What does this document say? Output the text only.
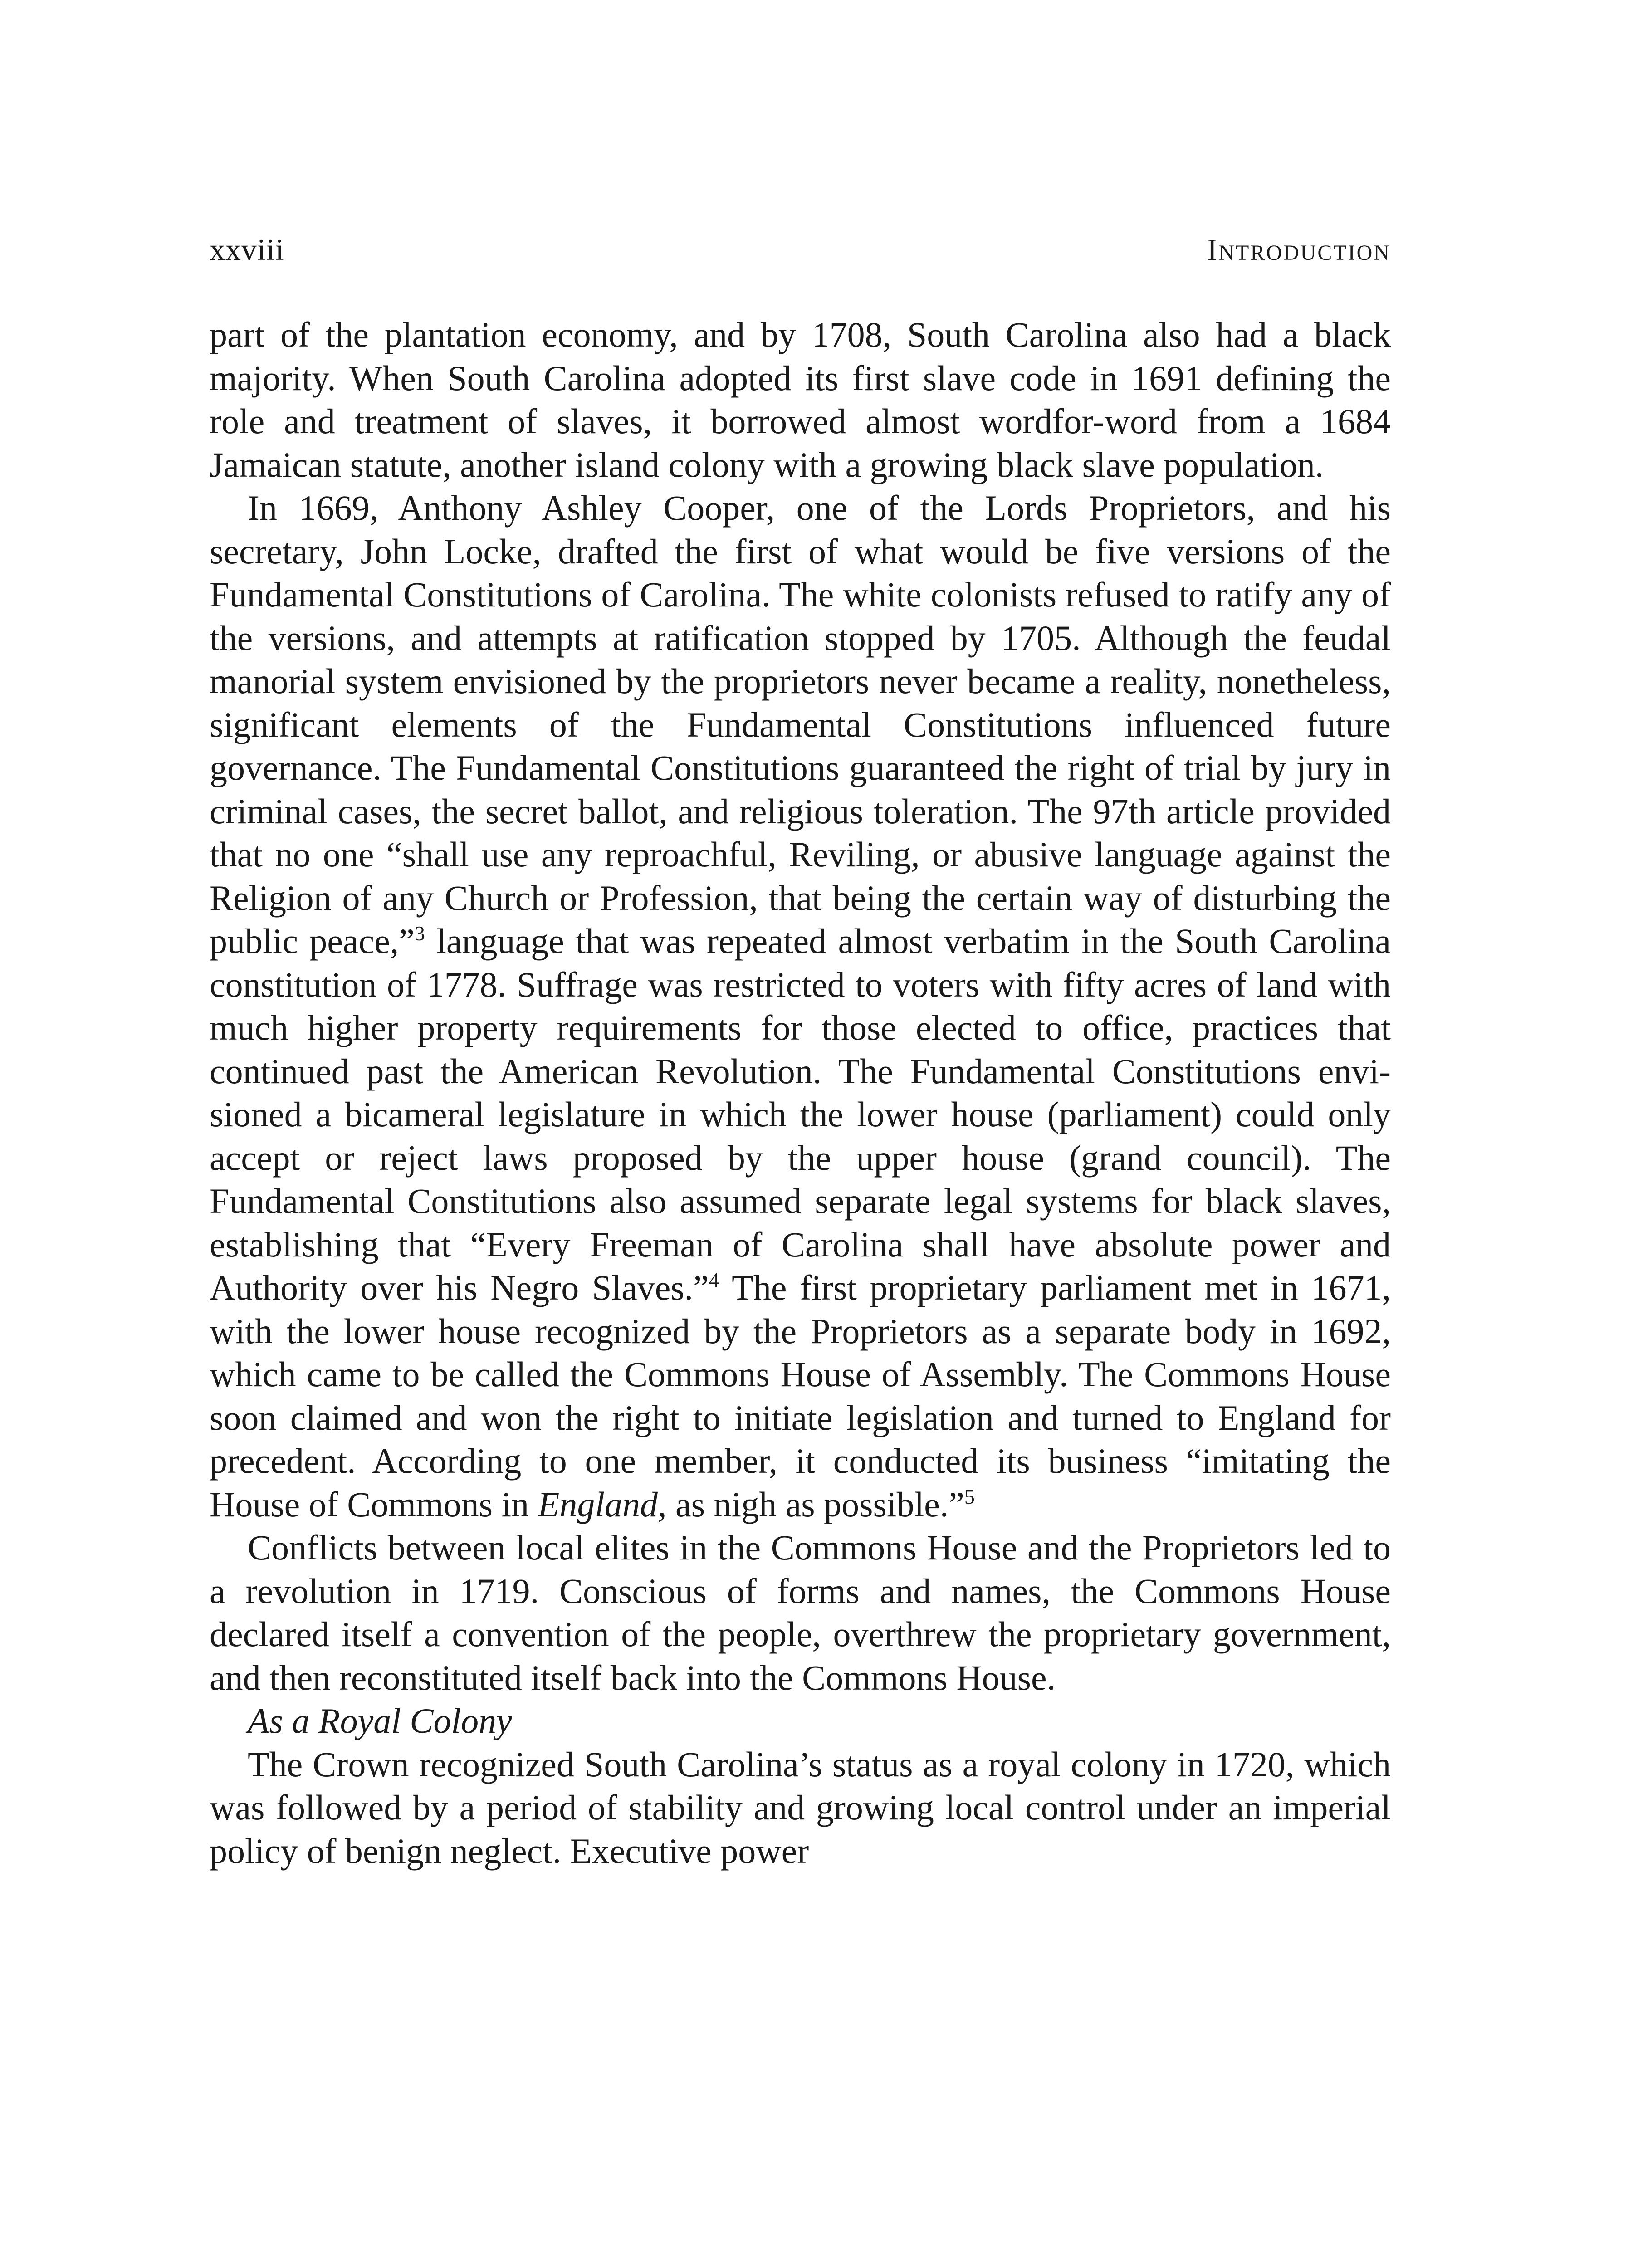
xxviii	Introduction

part of the plantation economy, and by 1708, South Carolina also had a black majority. When South Carolina adopted its first slave code in 1691 defining the role and treatment of slaves, it borrowed almost wordfor-word from a 1684 Jamaican statute, another island colony with a growing black slave population.

In 1669, Anthony Ashley Cooper, one of the Lords Proprietors, and his secretary, John Locke, drafted the first of what would be five versions of the Fundamental Constitutions of Carolina. The white colonists refused to ratify any of the versions, and attempts at ratification stopped by 1705. Although the feudal manorial system envisioned by the proprietors never became a reality, nonetheless, significant elements of the Fundamental Constitutions influenced future governance. The Fundamental Constitutions guaranteed the right of trial by jury in criminal cases, the secret ballot, and religious toleration. The 97th article provided that no one “shall use any reproachful, Reviling, or abusive language against the Religion of any Church or Profession, that being the certain way of disturbing the public peace,”$^3$ language that was repeated almost verbatim in the South Carolina constitution of 1778. Suffrage was restricted to voters with fifty acres of land with much higher property requirements for those elected to office, practices that continued past the American Revolution. The Fundamental Constitutions envisioned a bicameral legislature in which the lower house (parliament) could only accept or reject laws proposed by the upper house (grand council). The Fundamental Constitutions also assumed separate legal systems for black slaves, establishing that “Every Freeman of Carolina shall have absolute power and Authority over his Negro Slaves.”$^4$ The first proprietary parliament met in 1671, with the lower house recognized by the Proprietors as a separate body in 1692, which came to be called the Commons House of Assembly. The Commons House soon claimed and won the right to initiate legislation and turned to England for precedent. According to one member, it conducted its business “imitating the House of Commons in England, as nigh as possible.”$^5$

Conflicts between local elites in the Commons House and the Proprietors led to a revolution in 1719. Conscious of forms and names, the Commons House declared itself a convention of the people, overthrew the proprietary government, and then reconstituted itself back into the Commons House.

As a Royal Colony

The Crown recognized South Carolina’s status as a royal colony in 1720, which was followed by a period of stability and growing local control under an imperial policy of benign neglect. Executive power
